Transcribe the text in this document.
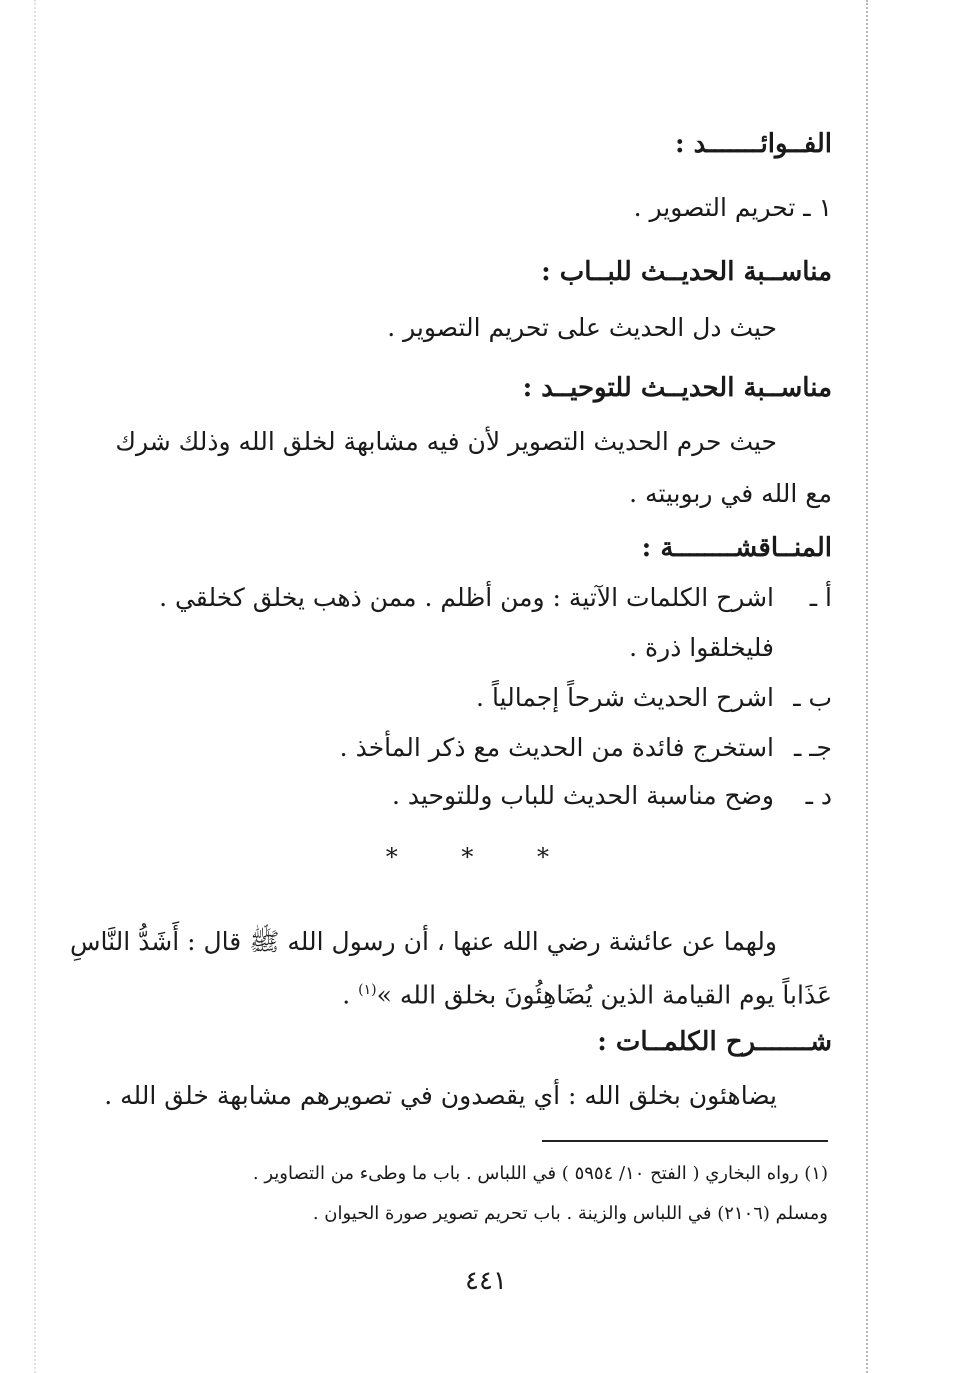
الفــوائـــــــد :
١ ـ تحريم التصوير .
مناســبة الحديــث للبــاب :
حيث دل الحديث على تحريم التصوير .
مناســبة الحديــث للتوحيــد :
حيث حرم الحديث التصوير لأن فيه مشابهة لخلق الله وذلك شرك
مع الله في ربوبيته .
المنــاقشــــــــة :
أ ـاشرح الكلمات الآتية : ومن أظلم . ممن ذهب يخلق كخلقي .
فليخلقوا ذرة .
ب ـاشرح الحديث شرحاً إجمالياً .
جـ ـاستخرج فائدة من الحديث مع ذكر المأخذ .
د ـوضح مناسبة الحديث للباب وللتوحيد .
* * *
ولهما عن عائشة رضي الله عنها ، أن رسول الله ﷺ قال : أَشَدُّ النَّاسِ
عَذَاباً يوم القيامة الذين يُضَاهِئُونَ بخلق الله »$^{(١)}$ .
شـــــــرح الكلمــات :
يضاهئون بخلق الله : أي يقصدون في تصويرهم مشابهة خلق الله .
(١) رواه البخاري ( الفتح ١٠/ ٥٩٥٤ ) في اللباس . باب ما وطىء من التصاوير .
ومسلم (٢١٠٦) في اللباس والزينة . باب تحريم تصوير صورة الحيوان .
٤٤١
